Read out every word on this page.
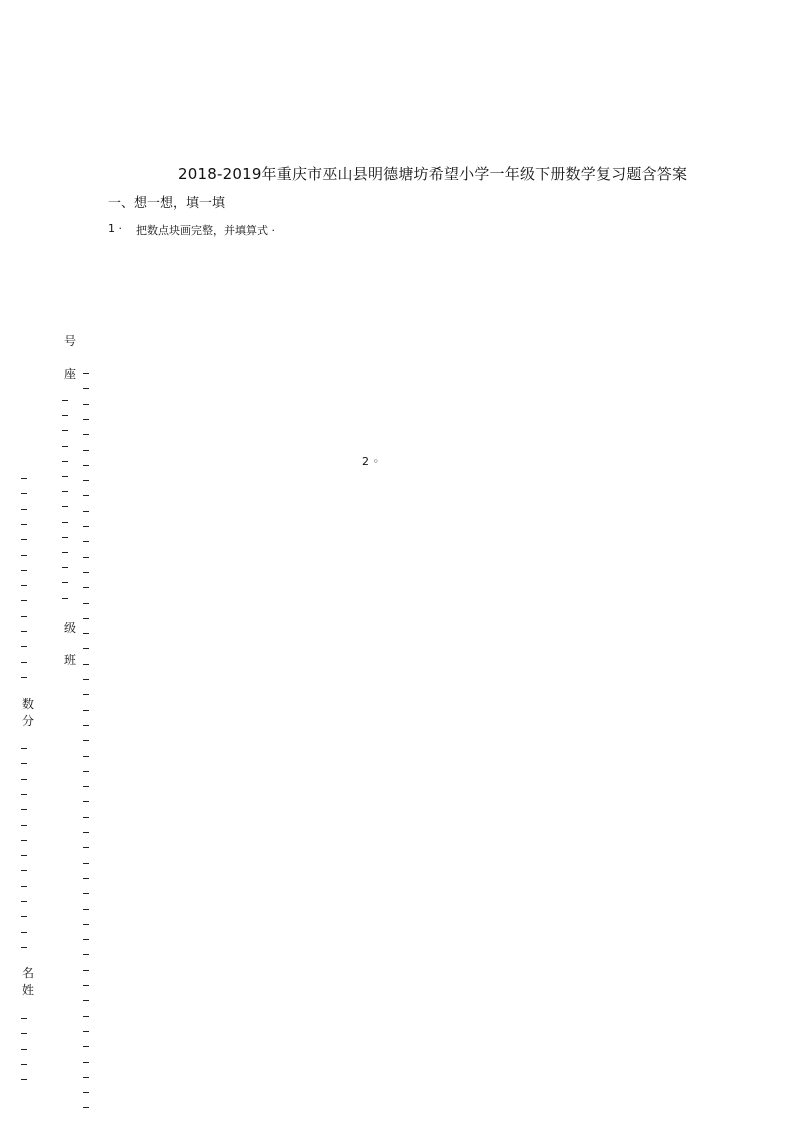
2018-2019年重庆市巫山县明德塘坊希望小学一年级下册数学复习题含答案
一、想一想，填一填
1 · 把数点块画完整，并填算式 ·
2 ◦
号
座
级
班
数
分
名
姓
